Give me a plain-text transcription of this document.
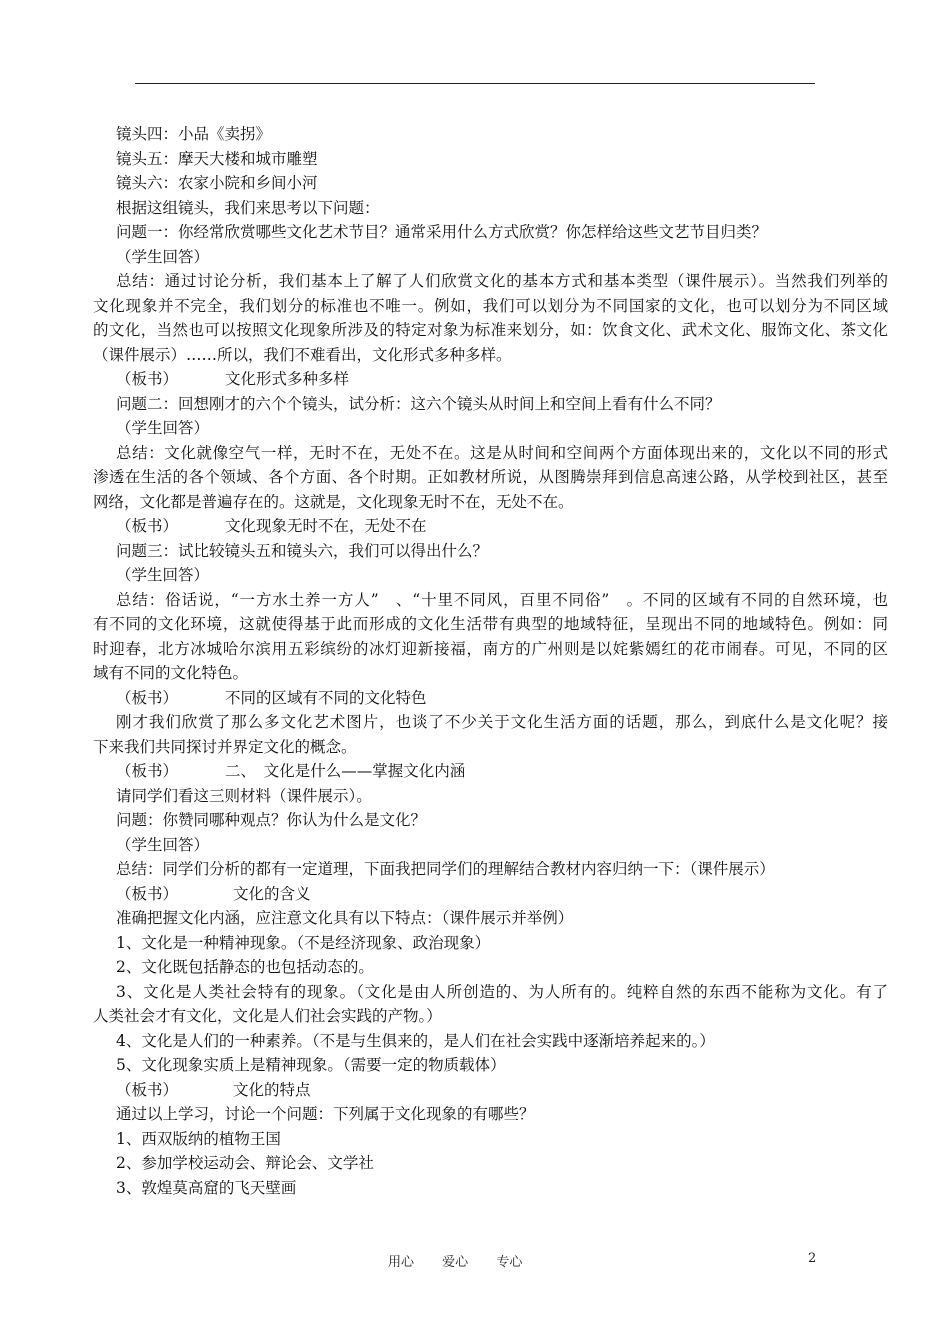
镜头四：小品《卖拐》
镜头五：摩天大楼和城市雕塑
镜头六：农家小院和乡间小河
根据这组镜头，我们来思考以下问题：
问题一：你经常欣赏哪些文化艺术节目？通常采用什么方式欣赏？你怎样给这些文艺节目归类？
（学生回答）
总结：通过讨论分析，我们基本上了解了人们欣赏文化的基本方式和基本类型（课件展示）。当然我们列举的
文化现象并不完全，我们划分的标准也不唯一。例如，我们可以划分为不同国家的文化，也可以划分为不同区域
的文化，当然也可以按照文化现象所涉及的特定对象为标准来划分，如：饮食文化、武术文化、服饰文化、茶文化
（课件展示）……所以，我们不难看出，文化形式多种多样。
（板书）	文化形式多种多样
问题二：回想刚才的六个个镜头，试分析：这六个镜头从时间上和空间上看有什么不同？
（学生回答）
总结：文化就像空气一样，无时不在，无处不在。这是从时间和空间两个方面体现出来的，文化以不同的形式
渗透在生活的各个领域、各个方面、各个时期。正如教材所说，从图腾崇拜到信息高速公路，从学校到社区，甚至
网络，文化都是普遍存在的。这就是，文化现象无时不在，无处不在。
（板书）	文化现象无时不在，无处不在
问题三：试比较镜头五和镜头六，我们可以得出什么？
（学生回答）
总结：俗话说，“一方水土养一方人”　、“十里不同风，百里不同俗”　。不同的区域有不同的自然环境，也
有不同的文化环境，这就使得基于此而形成的文化生活带有典型的地域特征，呈现出不同的地域特色。例如：同
时迎春，北方冰城哈尔滨用五彩缤纷的冰灯迎新接福，南方的广州则是以姹紫嫣红的花市闹春。可见，不同的区
域有不同的文化特色。
（板书）	不同的区域有不同的文化特色
刚才我们欣赏了那么多文化艺术图片，也谈了不少关于文化生活方面的话题，那么，到底什么是文化呢？接
下来我们共同探讨并界定文化的概念。
（板书）	二、　文化是什么——掌握文化内涵
请同学们看这三则材料（课件展示）。
问题：你赞同哪种观点？你认为什么是文化？
（学生回答）
总结：同学们分析的都有一定道理，下面我把同学们的理解结合教材内容归纳一下：（课件展示）
（板书）	文化的含义
准确把握文化内涵，应注意文化具有以下特点：（课件展示并举例）
1、文化是一种精神现象。（不是经济现象、政治现象）
2、文化既包括静态的也包括动态的。
3、文化是人类社会特有的现象。（文化是由人所创造的、为人所有的。纯粹自然的东西不能称为文化。有了
人类社会才有文化，文化是人们社会实践的产物。）
4、文化是人们的一种素养。（不是与生俱来的，是人们在社会实践中逐渐培养起来的。）
5、文化现象实质上是精神现象。（需要一定的物质载体）
（板书）	文化的特点
通过以上学习，讨论一个问题：下列属于文化现象的有哪些？
1、西双版纳的植物王国
2、参加学校运动会、辩论会、文学社
3、敦煌莫高窟的飞天壁画
用心 爱心 专心	2
